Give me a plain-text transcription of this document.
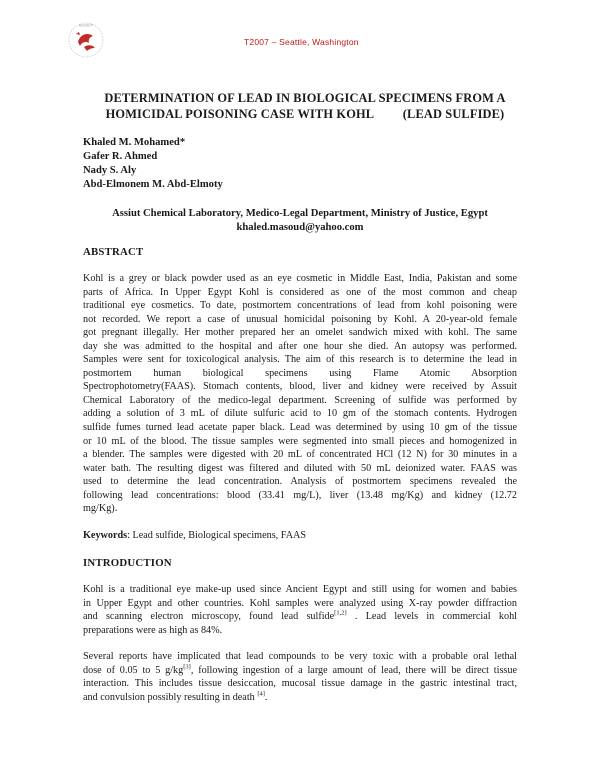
ASSIUT
T2007 – Seattle, Washington
DETERMINATION OF LEAD IN BIOLOGICAL SPECIMENS FROM A
HOMICIDAL POISONING CASE WITH KOHL         (LEAD SULFIDE)
Khaled M. Mohamed*
Gafer R. Ahmed
Nady S. Aly
Abd-Elmonem M. Abd-Elmoty
Assiut Chemical Laboratory, Medico-Legal Department, Ministry of Justice, Egypt
khaled.masoud@yahoo.com
ABSTRACT
Kohl is a grey or black powder used as an eye cosmetic in Middle East, India, Pakistan and some
parts of Africa. In Upper Egypt Kohl is considered as one of the most common and cheap
traditional eye cosmetics. To date, postmortem concentrations of lead from kohl poisoning were
not recorded. We report a case of unusual homicidal poisoning by Kohl. A 20-year-old female
got pregnant illegally. Her mother prepared her an omelet sandwich mixed with kohl. The same
day she was admitted to the hospital and after one hour she died. An autopsy was performed.
Samples were sent for toxicological analysis. The aim of this research is to determine the lead in
postmortem human biological specimens using Flame Atomic Absorption
Spectrophotometry(FAAS). Stomach contents, blood, liver and kidney were received by Assuit
Chemical Laboratory of the medico-legal department. Screening of sulfide was performed by
adding a solution of 3 mL of dilute sulfuric acid to 10 gm of the stomach contents. Hydrogen
sulfide fumes turned lead acetate paper black. Lead was determined by using 10 gm of the tissue
or 10 mL of the blood. The tissue samples were segmented into small pieces and homogenized in
a blender. The samples were digested with 20 mL of concentrated HCl (12 N) for 30 minutes in a
water bath. The resulting digest was filtered and diluted with 50 mL deionized water. FAAS was
used to determine the lead concentration. Analysis of postmortem specimens revealed the
following lead concentrations: blood (33.41 mg/L), liver (13.48 mg/Kg) and kidney (12.72
mg/Kg).
Keywords: Lead sulfide, Biological specimens, FAAS
INTRODUCTION
Kohl is a traditional eye make-up used since Ancient Egypt and still using for women and babies
in Upper Egypt and other countries. Kohl samples were analyzed using X-ray powder diffraction
and scanning electron microscopy, found lead sulfide[1,2] . Lead levels in commercial kohl
preparations were as high as 84%.
Several reports have implicated that lead compounds to be very toxic with a probable oral lethal
dose of 0.05 to 5 g/kg[3], following ingestion of a large amount of lead, there will be direct tissue
interaction. This includes tissue desiccation, mucosal tissue damage in the gastric intestinal tract,
and convulsion possibly resulting in death [4].
